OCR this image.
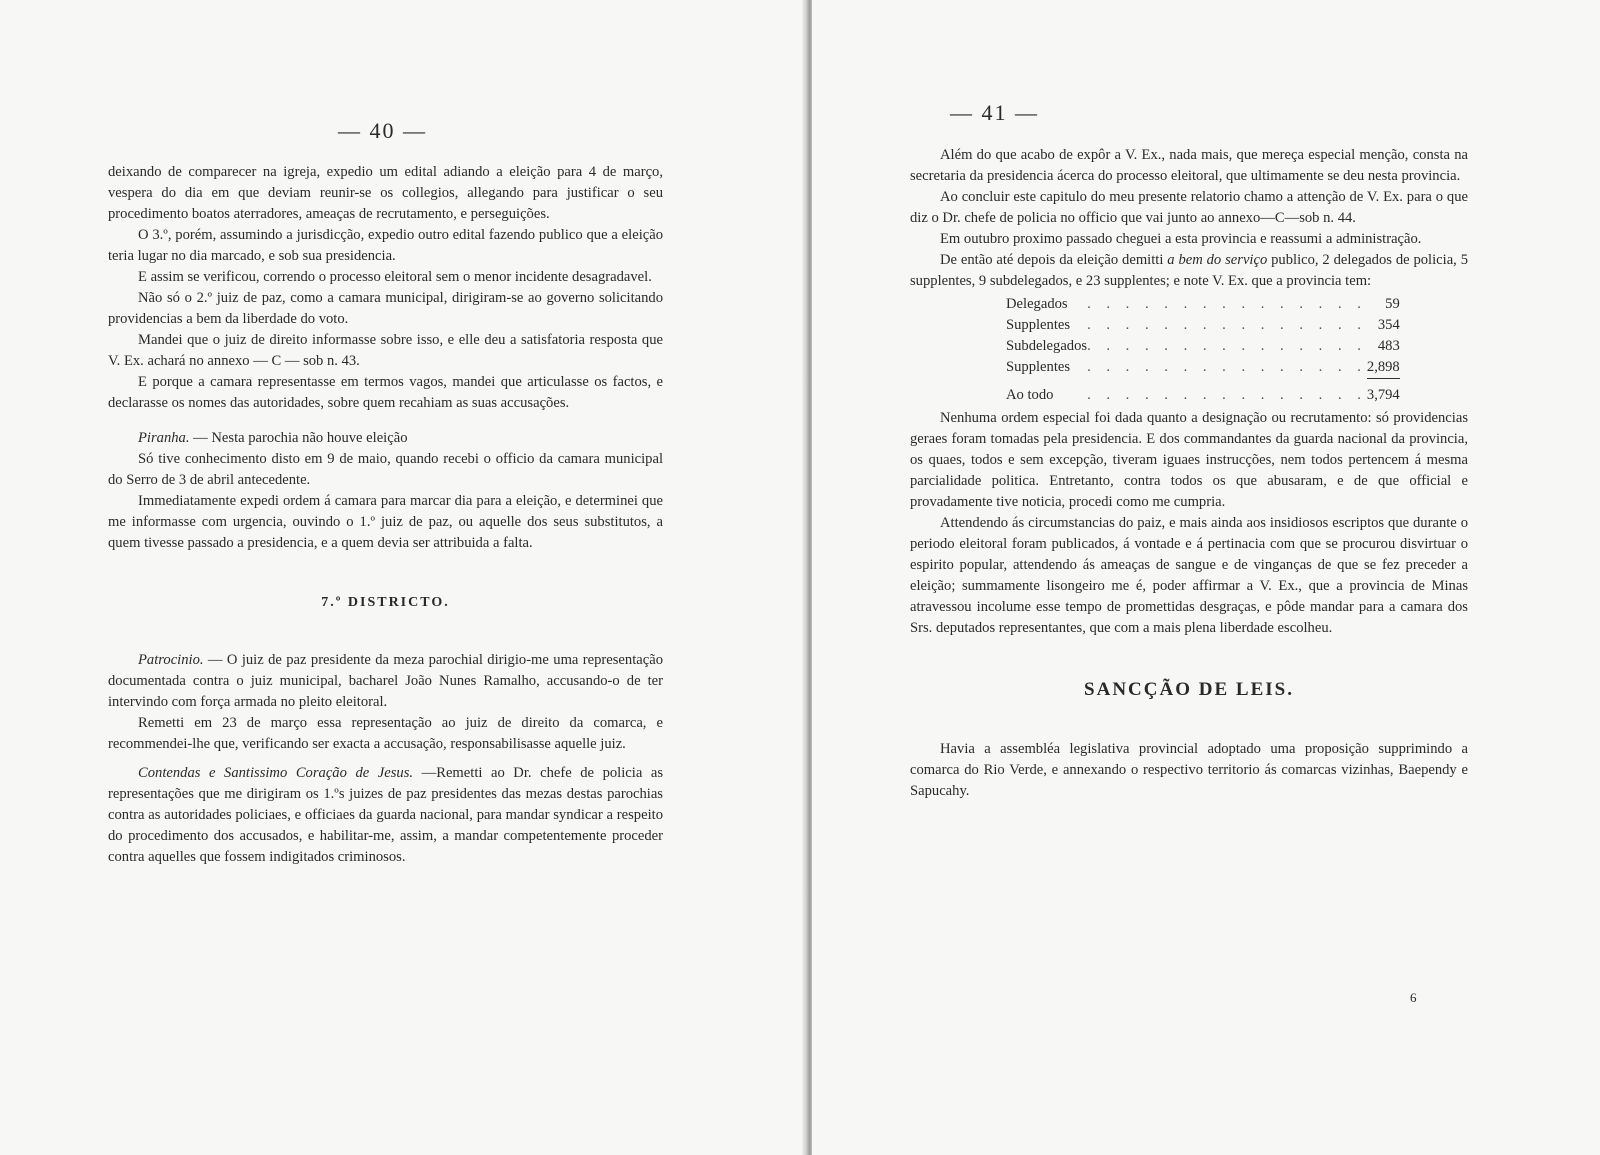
— 40 —

deixando de comparecer na igreja, expedio um edital adiando a eleição para 4 de março, vespera do dia em que deviam reunir-se os collegios, allegando para justificar o seu procedimento boatos aterradores, ameaças de recrutamento, e perseguições.

O 3.º, porém, assumindo a jurisdicção, expedio outro edital fazendo publico que a eleição teria lugar no dia marcado, e sob sua presidencia.

E assim se verificou, correndo o processo eleitoral sem o menor incidente desagradavel.

Não só o 2.º juiz de paz, como a camara municipal, dirigiram-se ao governo solicitando providencias a bem da liberdade do voto.

Mandei que o juiz de direito informasse sobre isso, e elle deu a satisfatoria resposta que V. Ex. achará no annexo — C — sob n. 43.

E porque a camara representasse em termos vagos, mandei que articulasse os factos, e declarasse os nomes das autoridades, sobre quem recahiam as suas accusações.

Piranha. — Nesta parochia não houve eleição

Só tive conhecimento disto em 9 de maio, quando recebi o officio da camara municipal do Serro de 3 de abril antecedente.

Immediatamente expedi ordem á camara para marcar dia para a eleição, e determinei que me informasse com urgencia, ouvindo o 1.º juiz de paz, ou aquelle dos seus substitutos, a quem tivesse passado a presidencia, e a quem devia ser attribuida a falta.

7.º DISTRICTO.

Patrocinio. — O juiz de paz presidente da meza parochial dirigio-me uma representação documentada contra o juiz municipal, bacharel João Nunes Ramalho, accusando-o de ter intervindo com força armada no pleito eleitoral.

Remetti em 23 de março essa representação ao juiz de direito da comarca, e recommendei-lhe que, verificando ser exacta a accusação, responsabilisasse aquelle juiz.

Contendas e Santissimo Coração de Jesus. —Remetti ao Dr. chefe de policia as representações que me dirigiram os 1.ºs juizes de paz presidentes das mezas destas parochias contra as autoridades policiaes, e officiaes da guarda nacional, para mandar syndicar a respeito do procedimento dos accusados, e habilitar-me, assim, a mandar competentemente proceder contra aquelles que fossem indigitados criminosos.

— 41 —

Além do que acabo de expôr a V. Ex., nada mais, que mereça especial menção, consta na secretaria da presidencia ácerca do processo eleitoral, que ultimamente se deu nesta provincia.

Ao concluir este capitulo do meu presente relatorio chamo a attenção de V. Ex. para o que diz o Dr. chefe de policia no officio que vai junto ao annexo—C—sob n. 44.

Em outubro proximo passado cheguei a esta provincia e reassumi a administração.

De então até depois da eleição demitti a bem do serviço publico, 2 delegados de policia, 5 supplentes, 9 subdelegados, e 23 supplentes; e note V. Ex. que a provincia tem:

Delegados	. . . . . . . . . . . . . . .	59
Supplentes	. . . . . . . . . . . . . . .	354
Subdelegados	. . . . . . . . . . . . . . .	483
Supplentes	. . . . . . . . . . . . . . .	2,898
Ao todo	. . . . . . . . . . . . . . .	3,794

Nenhuma ordem especial foi dada quanto a designação ou recrutamento: só providencias geraes foram tomadas pela presidencia. E dos commandantes da guarda nacional da provincia, os quaes, todos e sem excepção, tiveram iguaes instrucções, nem todos pertencem á mesma parcialidade politica. Entretanto, contra todos os que abusaram, e de que official e provadamente tive noticia, procedi como me cumpria.

Attendendo ás circumstancias do paiz, e mais ainda aos insidiosos escriptos que durante o periodo eleitoral foram publicados, á vontade e á pertinacia com que se procurou disvirtuar o espirito popular, attendendo ás ameaças de sangue e de vinganças de que se fez preceder a eleição; summamente lisongeiro me é, poder affirmar a V. Ex., que a provincia de Minas atravessou incolume esse tempo de promettidas desgraças, e pôde mandar para a camara dos Srs. deputados representantes, que com a mais plena liberdade escolheu.

SANCÇÃO DE LEIS.

Havia a assembléa legislativa provincial adoptado uma proposição supprimindo a comarca do Rio Verde, e annexando o respectivo territorio ás comarcas vizinhas, Baependy e Sapucahy.

6
